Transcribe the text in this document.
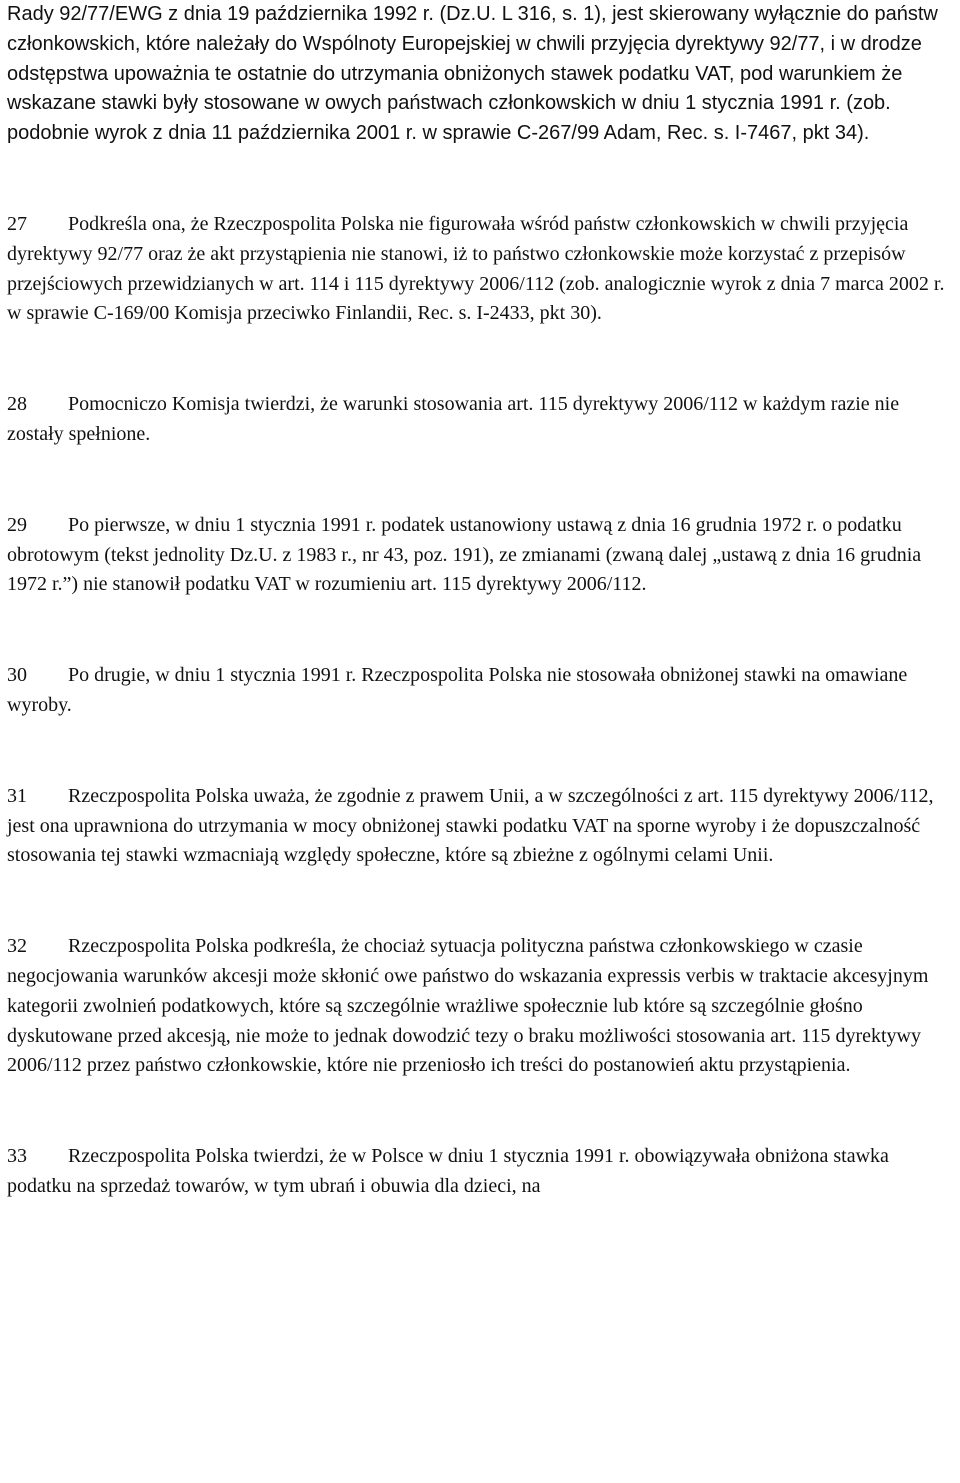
Rady 92/77/EWG z dnia 19 października 1992 r. (Dz.U. L 316, s. 1), jest skierowany wyłącznie do państw członkowskich, które należały do Wspólnoty Europejskiej w chwili przyjęcia dyrektywy 92/77, i w drodze odstępstwa upoważnia te ostatnie do utrzymania obniżonych stawek podatku VAT, pod warunkiem że wskazane stawki były stosowane w owych państwach członkowskich w dniu 1 stycznia 1991 r. (zob. podobnie wyrok z dnia 11 października 2001 r. w sprawie C‑267/99 Adam, Rec. s. I‑7467, pkt 34).

27 Podkreśla ona, że Rzeczpospolita Polska nie figurowała wśród państw członkowskich w chwili przyjęcia dyrektywy 92/77 oraz że akt przystąpienia nie stanowi, iż to państwo członkowskie może korzystać z przepisów przejściowych przewidzianych w art. 114 i 115 dyrektywy 2006/112 (zob. analogicznie wyrok z dnia 7 marca 2002 r. w sprawie C‑169/00 Komisja przeciwko Finlandii, Rec. s. I‑2433, pkt 30).

28 Pomocniczo Komisja twierdzi, że warunki stosowania art. 115 dyrektywy 2006/112 w każdym razie nie zostały spełnione.

29 Po pierwsze, w dniu 1 stycznia 1991 r. podatek ustanowiony ustawą z dnia 16 grudnia 1972 r. o podatku obrotowym (tekst jednolity Dz.U. z 1983 r., nr 43, poz. 191), ze zmianami (zwaną dalej „ustawą z dnia 16 grudnia 1972 r.”) nie stanowił podatku VAT w rozumieniu art. 115 dyrektywy 2006/112.

30 Po drugie, w dniu 1 stycznia 1991 r. Rzeczpospolita Polska nie stosowała obniżonej stawki na omawiane wyroby.

31 Rzeczpospolita Polska uważa, że zgodnie z prawem Unii, a w szczególności z art. 115 dyrektywy 2006/112, jest ona uprawniona do utrzymania w mocy obniżonej stawki podatku VAT na sporne wyroby i że dopuszczalność stosowania tej stawki wzmacniają względy społeczne, które są zbieżne z ogólnymi celami Unii.

32 Rzeczpospolita Polska podkreśla, że chociaż sytuacja polityczna państwa członkowskiego w czasie negocjowania warunków akcesji może skłonić owe państwo do wskazania expressis verbis w traktacie akcesyjnym kategorii zwolnień podatkowych, które są szczególnie wrażliwe społecznie lub które są szczególnie głośno dyskutowane przed akcesją, nie może to jednak dowodzić tezy o braku możliwości stosowania art. 115 dyrektywy 2006/112 przez państwo członkowskie, które nie przeniosło ich treści do postanowień aktu przystąpienia.

33 Rzeczpospolita Polska twierdzi, że w Polsce w dniu 1 stycznia 1991 r. obowiązywała obniżona stawka podatku na sprzedaż towarów, w tym ubrań i obuwia dla dzieci, na
